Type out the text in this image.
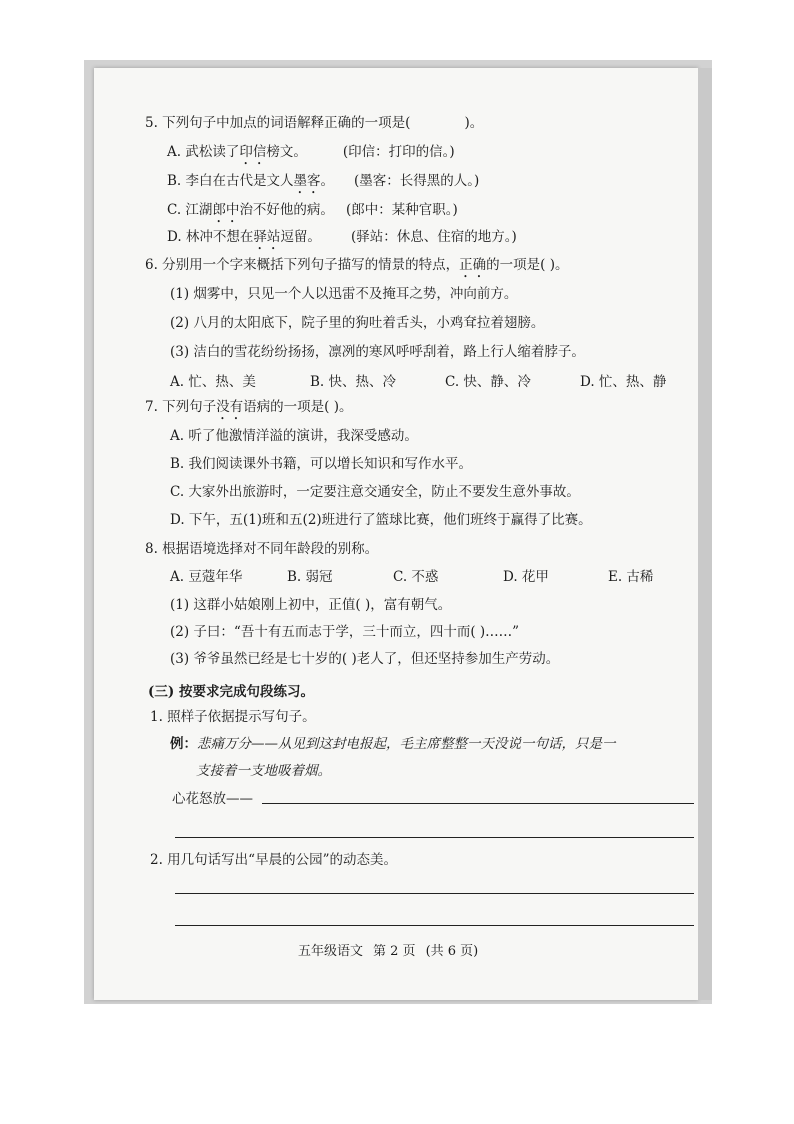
5. 下列句子中加点的词语解释正确的一项是(	)。
A. 武松读了印信榜文。	(印信：打印的信。)
B. 李白在古代是文人墨客。 (墨客：长得黑的人。)
C. 江湖郎中治不好他的病。 (郎中：某种官职。)
D. 林冲不想在驿站逗留。 (驿站：休息、住宿的地方。)
6. 分别用一个字来概括下列句子描写的情景的特点，正确的一项是( )。
(1) 烟雾中，只见一个人以迅雷不及掩耳之势，冲向前方。
(2) 八月的太阳底下，院子里的狗吐着舌头，小鸡耷拉着翅膀。
(3) 洁白的雪花纷纷扬扬，凛冽的寒风呼呼刮着，路上行人缩着脖子。
A. 忙、热、美	B. 快、热、冷	C. 快、静、冷	D. 忙、热、静
7. 下列句子没有语病的一项是( )。
A. 听了他激情洋溢的演讲，我深受感动。
B. 我们阅读课外书籍，可以增长知识和写作水平。
C. 大家外出旅游时，一定要注意交通安全，防止不要发生意外事故。
D. 下午，五(1)班和五(2)班进行了篮球比赛，他们班终于赢得了比赛。
8. 根据语境选择对不同年龄段的别称。
A. 豆蔻年华	B. 弱冠	C. 不惑	D. 花甲	E. 古稀
(1) 这群小姑娘刚上初中，正值( )，富有朝气。
(2) 子曰：“吾十有五而志于学，三十而立，四十而( )……”
(3) 爷爷虽然已经是七十岁的( )老人了，但还坚持参加生产劳动。
(三) 按要求完成句段练习。
1. 照样子依据提示写句子。
例：悲痛万分——从见到这封电报起，毛主席整整一天没说一句话，只是一
支接着一支地吸着烟。
心花怒放——
2. 用几句话写出“早晨的公园”的动态美。
五年级语文 第 2 页 (共 6 页)
